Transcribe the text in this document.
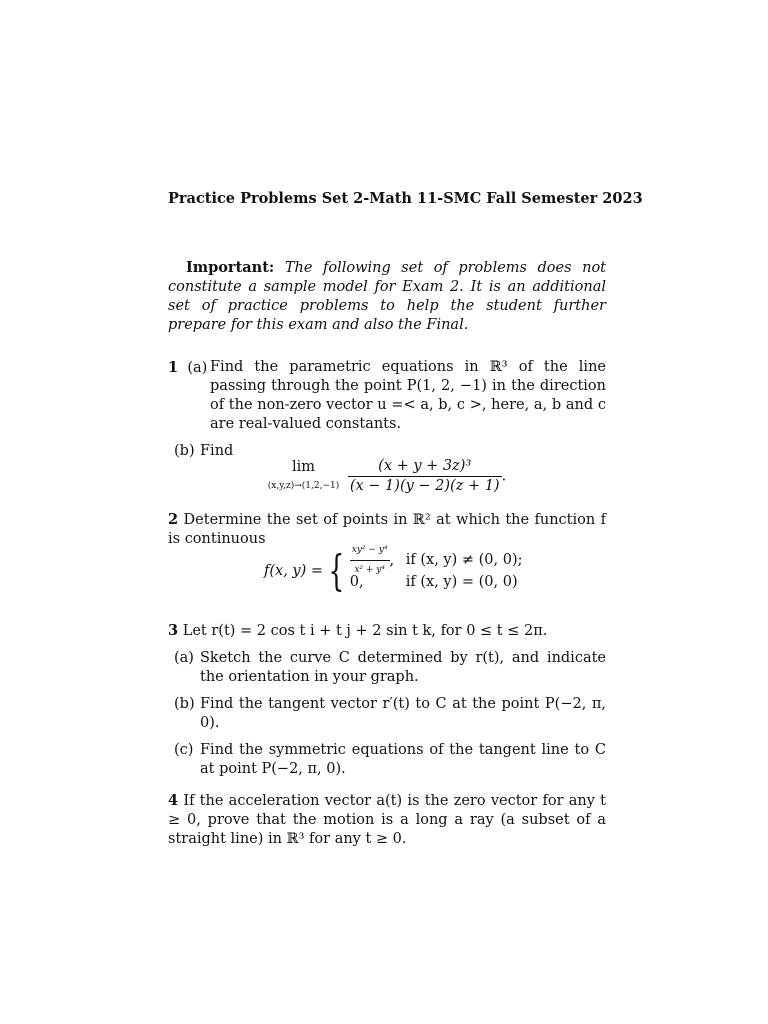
Practice Problems Set 2-Math 11-SMC Fall Semester 2023
Important: The following set of problems does not constitute a sample model for Exam 2. It is an additional set of practice problems to help the student further prepare for this exam and also the Final.
1 (a) Find the parametric equations in ℝ³ of the line passing through the point P(1, 2, −1) in the direction of the non-zero vector u =< a, b, c >, here, a, b and c are real-valued constants.
(b) Find
lim
(x,y,z)→(1,2,−1)
$\frac{\text{(x + y + 3z)³}}{(x - 1)(y - 2)(z + 1)}$ .
2 Determine the set of points in ℝ² at which the function f is continuous
f(x, y) = { $\frac{\text{xy² − y⁴}}{\text{x² + y⁴}}$ , if (x, y) ≠ (0, 0);
0,	if (x, y) = (0, 0)
3 Let r(t) = 2 cos t i + t j + 2 sin t k, for 0 ≤ t ≤ 2π.
(a) Sketch the curve C determined by r(t), and indicate the orientation in your graph.
(b) Find the tangent vector r′(t) to C at the point P(−2, π, 0).
(c) Find the symmetric equations of the tangent line to C at point P(−2, π, 0).
4 If the acceleration vector a(t) is the zero vector for any t ≥ 0, prove that the motion is a long a ray (a subset of a straight line) in ℝ³ for any t ≥ 0.
